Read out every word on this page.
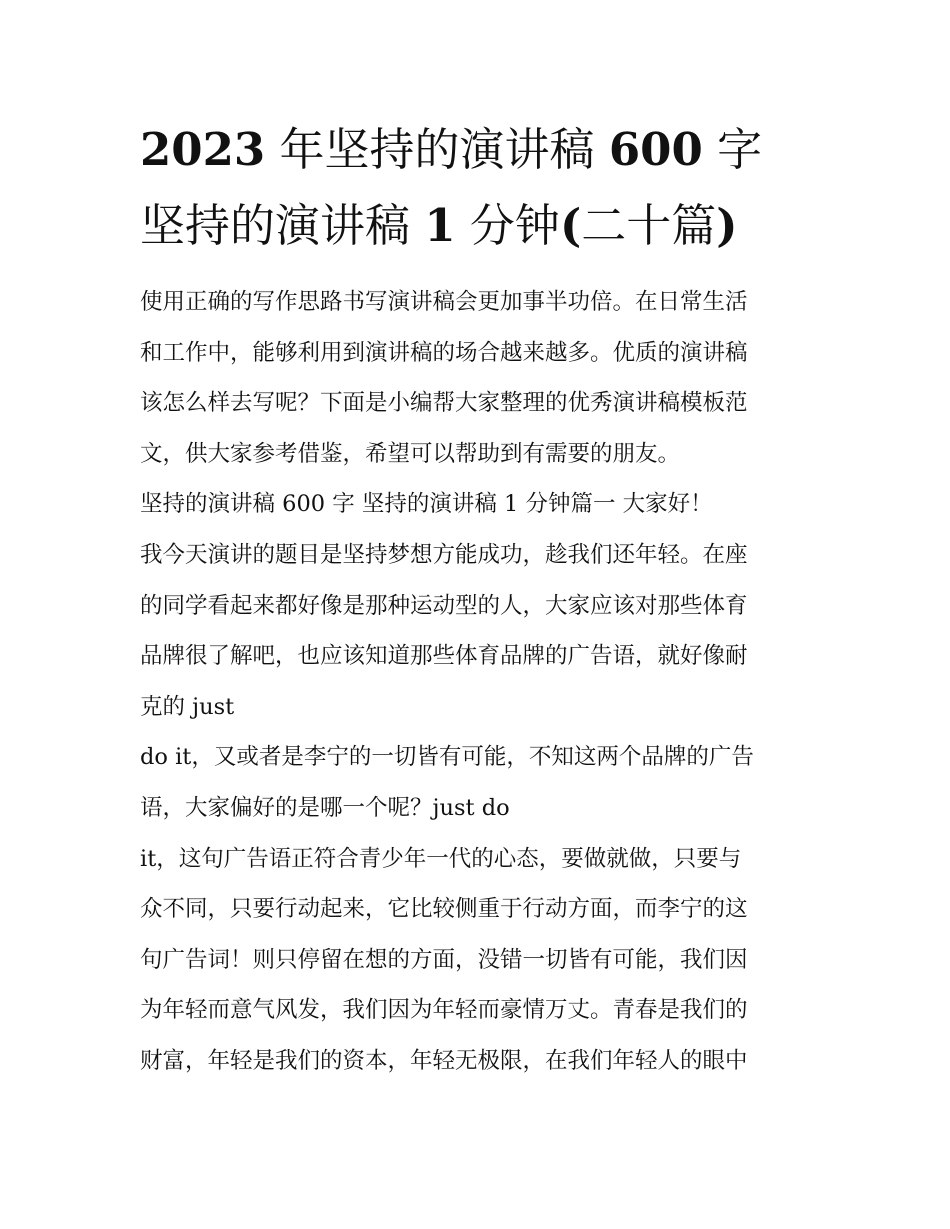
2023 年坚持的演讲稿 600 字
坚持的演讲稿 1 分钟(二十篇)
使用正确的写作思路书写演讲稿会更加事半功倍。在日常生活
和工作中，能够利用到演讲稿的场合越来越多。优质的演讲稿
该怎么样去写呢？下面是小编帮大家整理的优秀演讲稿模板范
文，供大家参考借鉴，希望可以帮助到有需要的朋友。
坚持的演讲稿 600 字 坚持的演讲稿 1 分钟篇一 大家好！
我今天演讲的题目是坚持梦想方能成功，趁我们还年轻。在座
的同学看起来都好像是那种运动型的人，大家应该对那些体育
品牌很了解吧，也应该知道那些体育品牌的广告语，就好像耐
克的 just
do it，又或者是李宁的一切皆有可能，不知这两个品牌的广告
语，大家偏好的是哪一个呢？just do
it，这句广告语正符合青少年一代的心态，要做就做，只要与
众不同，只要行动起来，它比较侧重于行动方面，而李宁的这
句广告词！则只停留在想的方面，没错一切皆有可能，我们因
为年轻而意气风发，我们因为年轻而豪情万丈。青春是我们的
财富，年轻是我们的资本，年轻无极限，在我们年轻人的眼中
